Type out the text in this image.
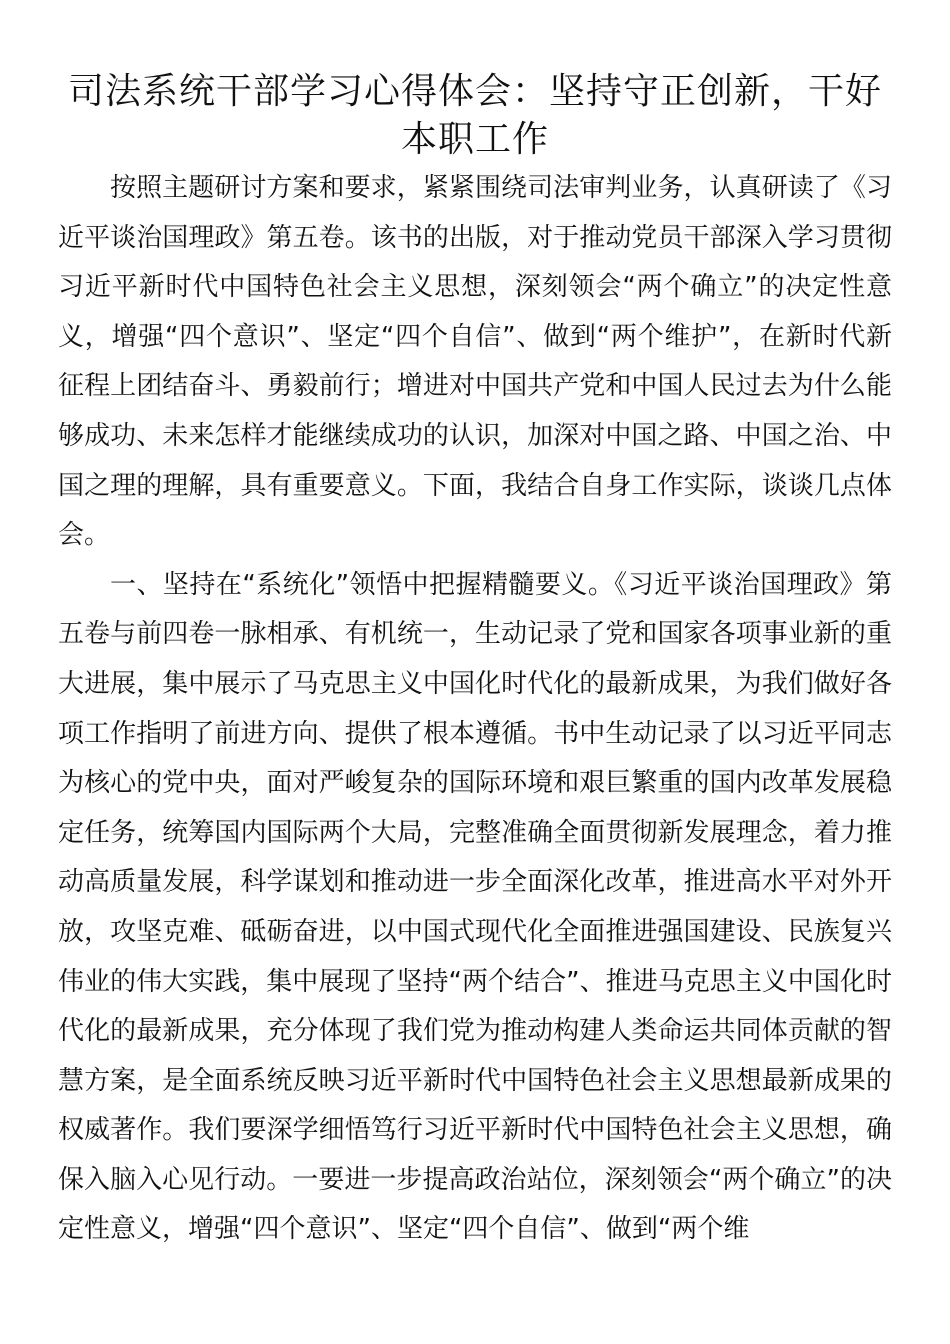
司法系统干部学习心得体会：坚持守正创新，干好本职工作

按照主题研讨方案和要求，紧紧围绕司法审判业务，认真研读了《习近平谈治国理政》第五卷。该书的出版，对于推动党员干部深入学习贯彻习近平新时代中国特色社会主义思想，深刻领会“两个确立”的决定性意义，增强“四个意识”、坚定“四个自信”、做到“两个维护”，在新时代新征程上团结奋斗、勇毅前行；增进对中国共产党和中国人民过去为什么能够成功、未来怎样才能继续成功的认识，加深对中国之路、中国之治、中国之理的理解，具有重要意义。下面，我结合自身工作实际，谈谈几点体会。

一、坚持在“系统化”领悟中把握精髓要义。《习近平谈治国理政》第五卷与前四卷一脉相承、有机统一，生动记录了党和国家各项事业新的重大进展，集中展示了马克思主义中国化时代化的最新成果，为我们做好各项工作指明了前进方向、提供了根本遵循。书中生动记录了以习近平同志为核心的党中央，面对严峻复杂的国际环境和艰巨繁重的国内改革发展稳定任务，统筹国内国际两个大局，完整准确全面贯彻新发展理念，着力推动高质量发展，科学谋划和推动进一步全面深化改革，推进高水平对外开放，攻坚克难、砥砺奋进，以中国式现代化全面推进强国建设、民族复兴伟业的伟大实践，集中展现了坚持“两个结合”、推进马克思主义中国化时代化的最新成果，充分体现了我们党为推动构建人类命运共同体贡献的智慧方案，是全面系统反映习近平新时代中国特色社会主义思想最新成果的权威著作。我们要深学细悟笃行习近平新时代中国特色社会主义思想，确保入脑入心见行动。一要进一步提高政治站位，深刻领会“两个确立”的决定性意义，增强“四个意识”、坚定“四个自信”、做到“两个维
